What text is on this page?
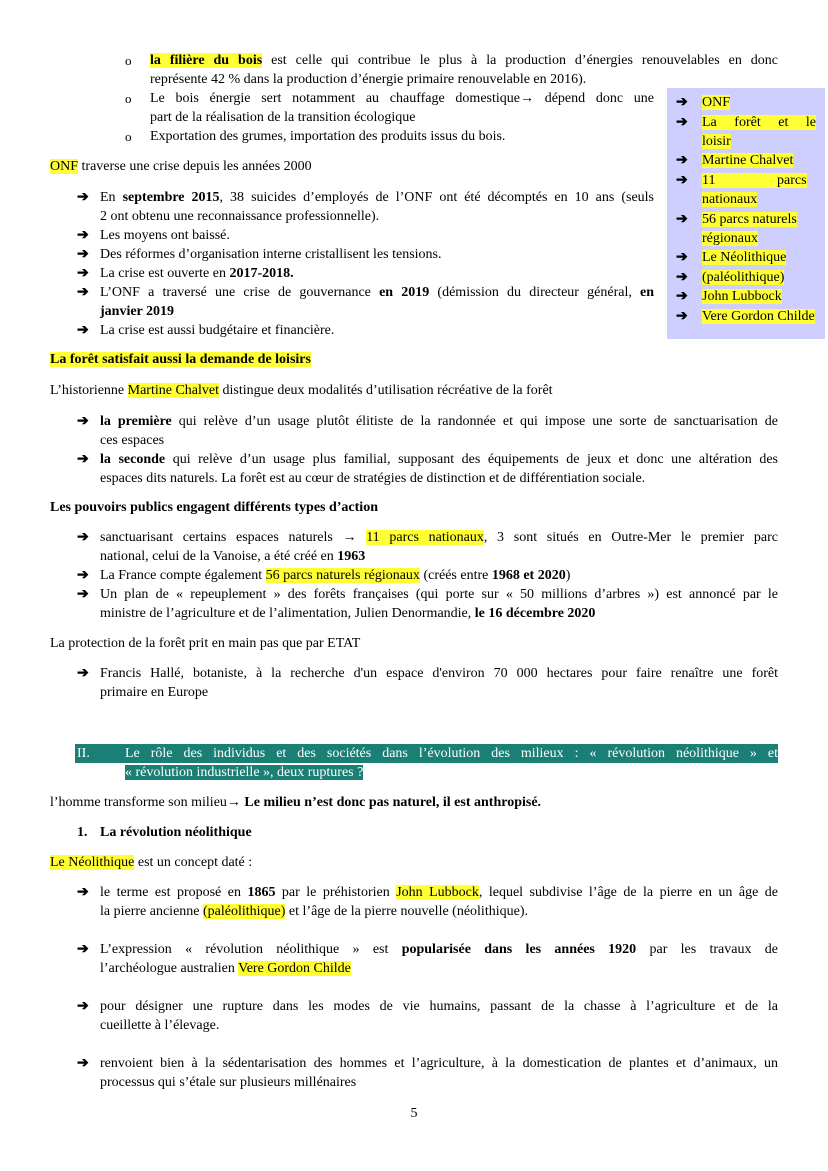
o la filière du bois est celle qui contribue le plus à la production d’énergies renouvelables en donc
représente 42 % dans la production d’énergie primaire renouvelable en 2016).
o Le bois énergie sert notamment au chauffage domestique→ dépend donc une
part de la réalisation de la transition écologique
o Exportation des grumes, importation des produits issus du bois.
➔	ONF
➔	La forêt et le loisir
➔	Martine Chalvet
➔	11 parcs nationaux
➔	56 parcs naturels régionaux
➔	Le Néolithique
➔	(paléolithique)
➔	John Lubbock
➔	Vere Gordon Childe
ONF traverse une crise depuis les années 2000
➔ En septembre 2015, 38 suicides d’employés de l’ONF ont été décomptés en 10 ans (seuls
2 ont obtenu une reconnaissance professionnelle).
➔ Les moyens ont baissé.
➔ Des réformes d’organisation interne cristallisent les tensions.
➔ La crise est ouverte en 2017-2018.
➔ L’ONF a traversé une crise de gouvernance en 2019 (démission du directeur général, en
janvier 2019
➔ La crise est aussi budgétaire et financière.
La forêt satisfait aussi la demande de loisirs
L’historienne Martine Chalvet distingue deux modalités d’utilisation récréative de la forêt
➔ la première qui relève d’un usage plutôt élitiste de la randonnée et qui impose une sorte de sanctuarisation de
ces espaces
➔ la seconde qui relève d’un usage plus familial, supposant des équipements de jeux et donc une altération des
espaces dits naturels. La forêt est au cœur de stratégies de distinction et de différentiation sociale.
Les pouvoirs publics engagent différents types d’action
➔ sanctuarisant certains espaces naturels → 11 parcs nationaux, 3 sont situés en Outre-Mer le premier parc
national, celui de la Vanoise, a été créé en 1963
➔ La France compte également 56 parcs naturels régionaux (créés entre 1968 et 2020)
➔ Un plan de « repeuplement » des forêts françaises (qui porte sur « 50 millions d’arbres ») est annoncé par le
ministre de l’agriculture et de l’alimentation, Julien Denormandie, le 16 décembre 2020
La protection de la forêt prit en main pas que par ETAT
➔ Francis Hallé, botaniste, à la recherche d'un espace d'environ 70 000 hectares pour faire renaître une forêt
primaire en Europe
II.	Le rôle des individus et des sociétés dans l’évolution des milieux : « révolution néolithique » et
« révolution industrielle », deux ruptures ?
l’homme transforme son milieu→ Le milieu n’est donc pas naturel, il est anthropisé.
1. La révolution néolithique
Le Néolithique est un concept daté :
➔ le terme est proposé en 1865 par le préhistorien John Lubbock, lequel subdivise l’âge de la pierre en un âge de
la pierre ancienne (paléolithique) et l’âge de la pierre nouvelle (néolithique).
➔ L’expression « révolution néolithique » est popularisée dans les années 1920 par les travaux de
l’archéologue australien Vere Gordon Childe
➔ pour désigner une rupture dans les modes de vie humains, passant de la chasse à l’agriculture et de la
cueillette à l’élevage.
➔ renvoient bien à la sédentarisation des hommes et l’agriculture, à la domestication de plantes et d’animaux, un
processus qui s’étale sur plusieurs millénaires
5
